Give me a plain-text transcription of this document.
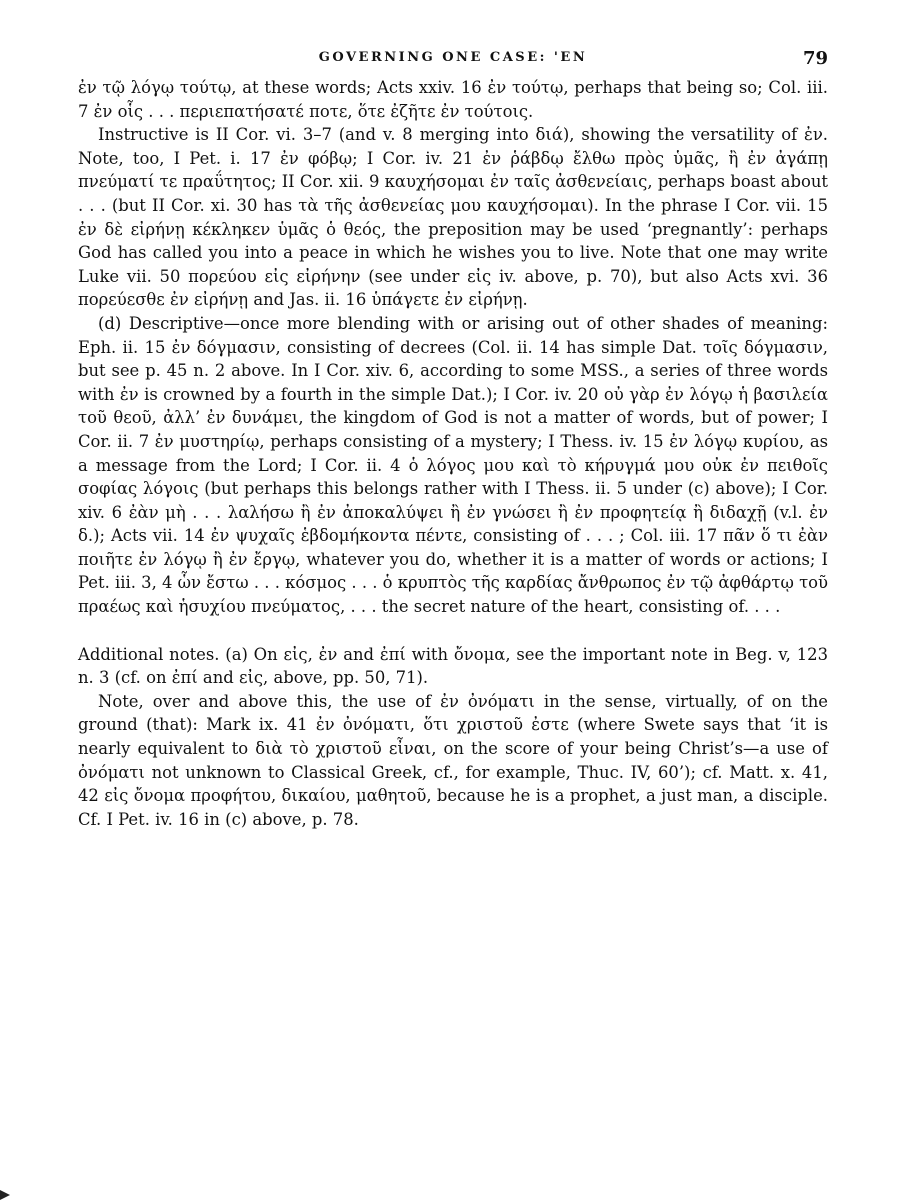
GOVERNING ONE CASE: 'EN	79

ἐν τῷ λόγῳ τούτῳ, at these words; Acts xxiv. 16 ἐν τούτῳ, perhaps that being so; Col. iii. 7 ἐν οἷς . . . περιεπατήσατέ ποτε, ὅτε ἐζῆτε ἐν τούτοις.

Instructive is II Cor. vi. 3–7 (and v. 8 merging into διά), showing the versatility of ἐν. Note, too, I Pet. i. 17 ἐν φόβῳ; I Cor. iv. 21 ἐν ῥάβδῳ ἔλθω πρὸς ὑμᾶς, ἢ ἐν ἀγάπῃ πνεύματί τε πραΰτητος; II Cor. xii. 9 καυχήσομαι ἐν ταῖς ἀσθενείαις, perhaps boast about . . . (but II Cor. xi. 30 has τὰ τῆς ἀσθενείας μου καυχήσομαι). In the phrase I Cor. vii. 15 ἐν δὲ εἰρήνῃ κέκληκεν ὑμᾶς ὁ θεός, the preposition may be used ‘pregnantly’: perhaps God has called you into a peace in which he wishes you to live. Note that one may write Luke vii. 50 πορεύου εἰς εἰρήνην (see under εἰς iv. above, p. 70), but also Acts xvi. 36 πορεύεσθε ἐν εἰρήνῃ and Jas. ii. 16 ὑπάγετε ἐν εἰρήνῃ.

(d) Descriptive—once more blending with or arising out of other shades of meaning: Eph. ii. 15 ἐν δόγμασιν, consisting of decrees (Col. ii. 14 has simple Dat. τοῖς δόγμασιν, but see p. 45 n. 2 above. In I Cor. xiv. 6, according to some MSS., a series of three words with ἐν is crowned by a fourth in the simple Dat.); I Cor. iv. 20 οὐ γὰρ ἐν λόγῳ ἡ βασιλεία τοῦ θεοῦ, ἀλλ’ ἐν δυνάμει, the kingdom of God is not a matter of words, but of power; I Cor. ii. 7 ἐν μυστηρίῳ, perhaps consisting of a mystery; I Thess. iv. 15 ἐν λόγῳ κυρίου, as a message from the Lord; I Cor. ii. 4 ὁ λόγος μου καὶ τὸ κήρυγμά μου οὐκ ἐν πειθοῖς σοφίας λόγοις (but perhaps this belongs rather with I Thess. ii. 5 under (c) above); I Cor. xiv. 6 ἐὰν μὴ . . . λαλήσω ἢ ἐν ἀποκαλύψει ἢ ἐν γνώσει ἢ ἐν προφητείᾳ ἢ διδαχῇ (v.l. ἐν δ.); Acts vii. 14 ἐν ψυχαῖς ἑβδομήκοντα πέντε, consisting of . . . ; Col. iii. 17 πᾶν ὅ τι ἐὰν ποιῆτε ἐν λόγῳ ἢ ἐν ἔργῳ, whatever you do, whether it is a matter of words or actions; I Pet. iii. 3, 4 ὧν ἔστω . . . κόσμος . . . ὁ κρυπτὸς τῆς καρδίας ἄνθρωπος ἐν τῷ ἀφθάρτῳ τοῦ πραέως καὶ ἡσυχίου πνεύματος, . . . the secret nature of the heart, consisting of. . . .

Additional notes. (a) On εἰς, ἐν and ἐπί with ὄνομα, see the important note in Beg. v, 123 n. 3 (cf. on ἐπί and εἰς, above, pp. 50, 71).

Note, over and above this, the use of ἐν ὀνόματι in the sense, virtually, of on the ground (that): Mark ix. 41 ἐν ὀνόματι, ὅτι χριστοῦ ἐστε (where Swete says that ‘it is nearly equivalent to διὰ τὸ χριστοῦ εἶναι, on the score of your being Christ’s—a use of ὀνόματι not unknown to Classical Greek, cf., for example, Thuc. IV, 60’); cf. Matt. x. 41, 42 εἰς ὄνομα προφήτου, δικαίου, μαθητοῦ, because he is a prophet, a just man, a disciple. Cf. I Pet. iv. 16 in (c) above, p. 78.
